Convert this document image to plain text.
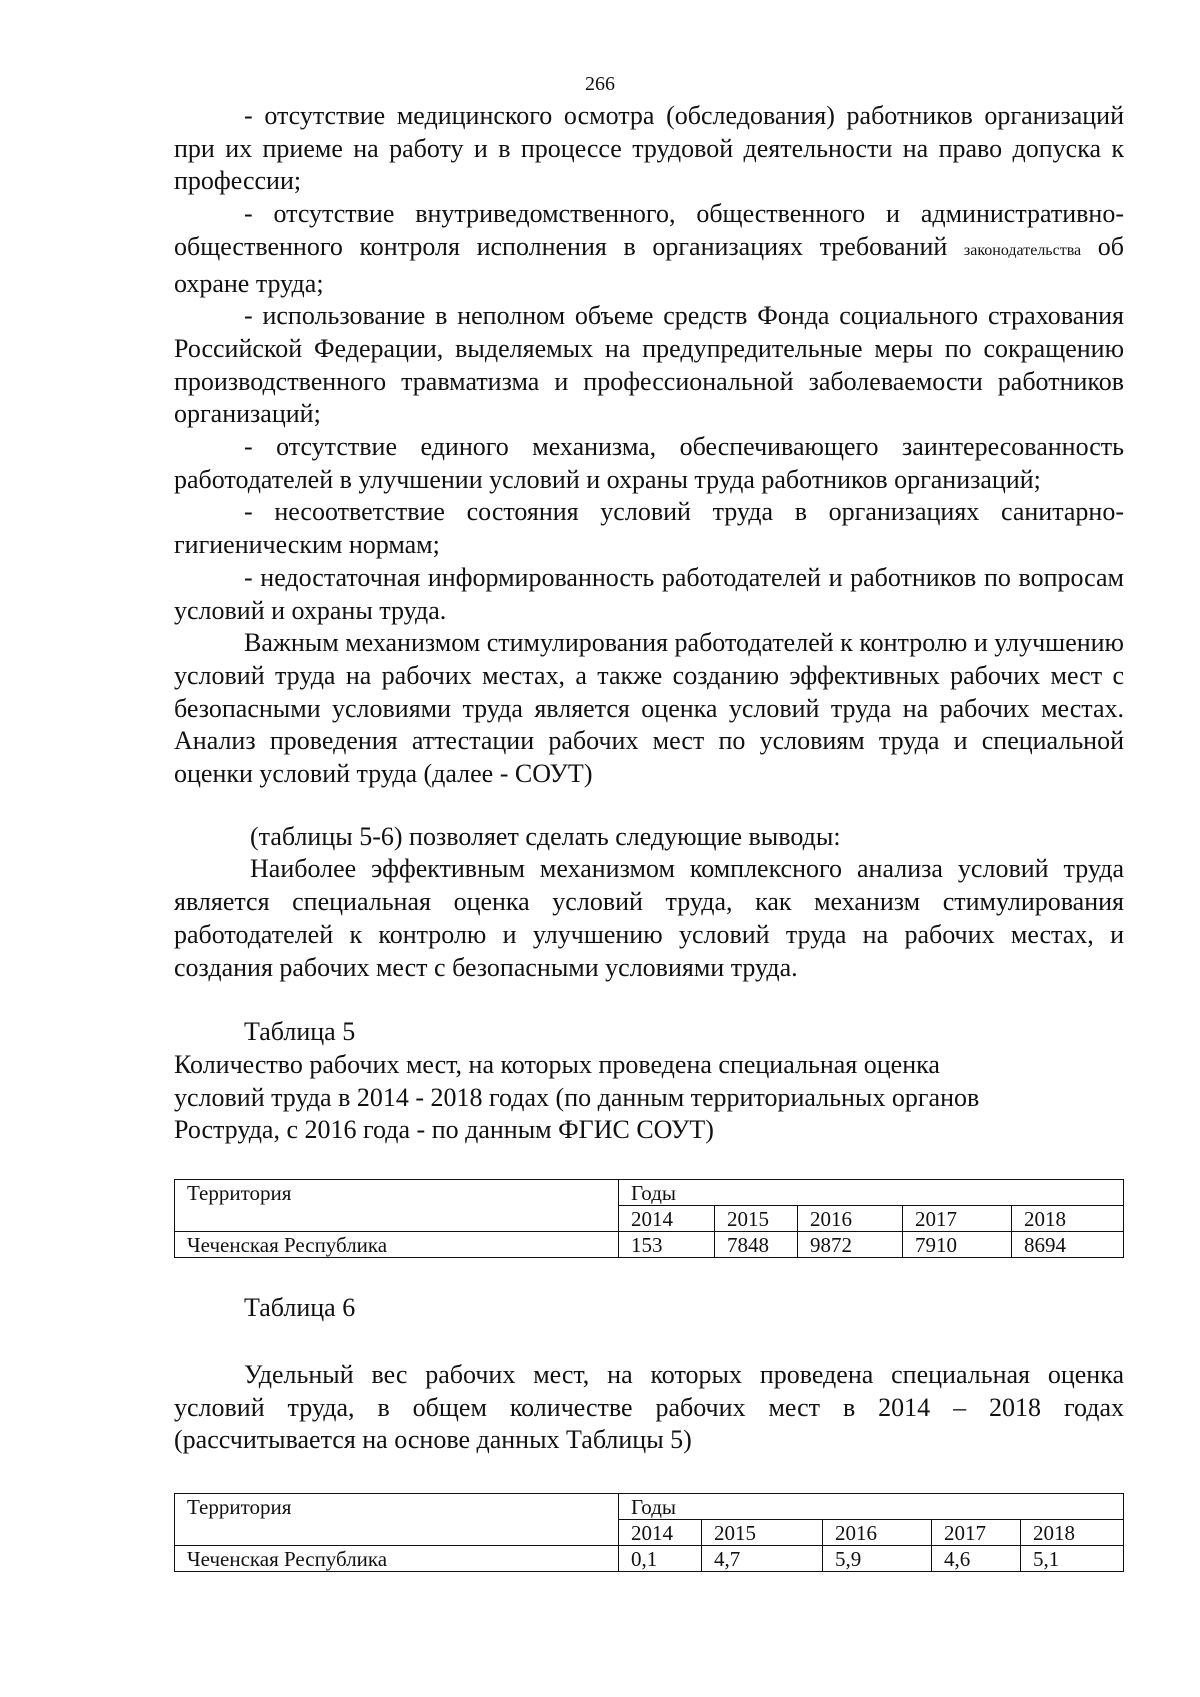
266

- отсутствие медицинского осмотра (обследования) работников организаций при их приеме на работу и в процессе трудовой деятельности на право допуска к профессии;

- отсутствие внутриведомственного, общественного и административно-общественного контроля исполнения в организациях требований законодательства об охране труда;

- использование в неполном объеме средств Фонда социального страхования Российской Федерации, выделяемых на предупредительные меры по сокращению производственного травматизма и профессиональной заболеваемости работников организаций;

- отсутствие единого механизма, обеспечивающего заинтересованность работодателей в улучшении условий и охраны труда работников организаций;

- несоответствие состояния условий труда в организациях санитарно-гигиеническим нормам;

- недостаточная информированность работодателей и работников по вопросам условий и охраны труда.

Важным механизмом стимулирования работодателей к контролю и улучшению условий труда на рабочих местах, а также созданию эффективных рабочих мест с безопасными условиями труда является оценка условий труда на рабочих местах. Анализ проведения аттестации рабочих мест по условиям труда и специальной оценки условий труда (далее - СОУТ)

(таблицы 5-6) позволяет сделать следующие выводы:

Наиболее эффективным механизмом комплексного анализа условий труда является специальная оценка условий труда, как механизм стимулирования работодателей к контролю и улучшению условий труда на рабочих местах, и создания рабочих мест с безопасными условиями труда.

Таблица 5

Количество рабочих мест, на которых проведена специальная оценка
условий труда в 2014 - 2018 годах (по данным территориальных органов
Роструда, с 2016 года - по данным ФГИС СОУТ)
Территория	Годы				
	2014	2015	2016	2017	2018
Чеченская Республика	153	7848	9872	7910	8694

Таблица 6

Удельный вес рабочих мест, на которых проведена специальная оценка условий труда, в общем количестве рабочих мест в 2014 – 2018 годах (рассчитывается на основе данных Таблицы 5)

Территория	Годы				
	2014	2015	2016	2017	2018
Чеченская Республика	0,1	4,7	5,9	4,6	5,1
